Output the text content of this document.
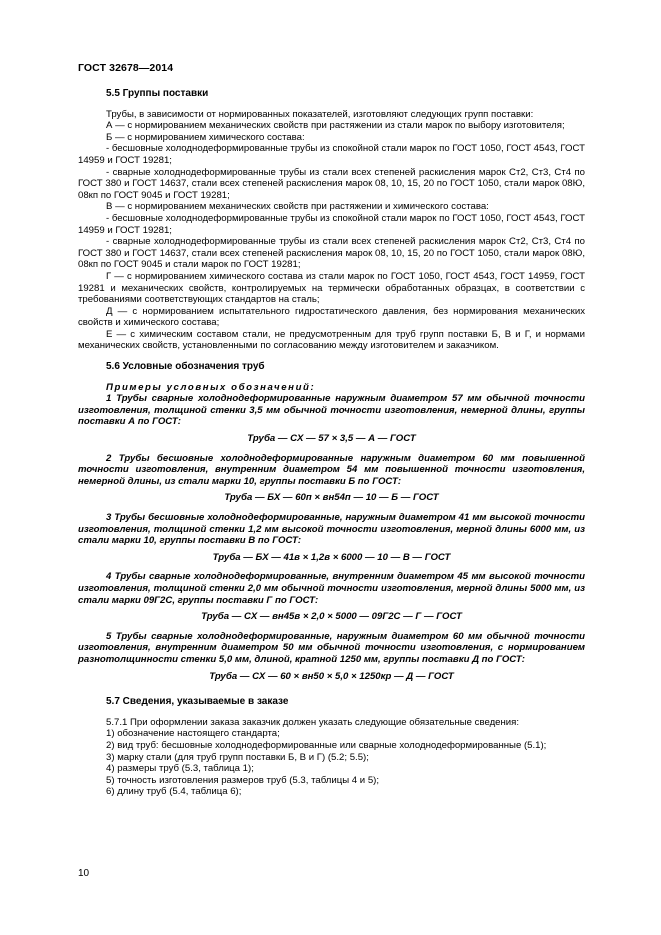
ГОСТ 32678—2014
5.5 Группы поставки

Трубы, в зависимости от нормированных показателей, изготовляют следующих групп поставки:

А — с нормированием механических свойств при растяжении из стали марок по выбору изготовителя;

Б — с нормированием химического состава:

- бесшовные холоднодеформированные трубы из спокойной стали марок по ГОСТ 1050, ГОСТ 4543, ГОСТ 14959 и ГОСТ 19281;

- сварные холоднодеформированные трубы из стали всех степеней раскисления марок Ст2, Ст3, Ст4 по ГОСТ 380 и ГОСТ 14637, стали всех степеней раскисления марок 08, 10, 15, 20 по ГОСТ 1050, стали марок 08Ю, 08кп по ГОСТ 9045 и ГОСТ 19281;

В — с нормированием механических свойств при растяжении и химического состава:

- бесшовные холоднодеформированные трубы из спокойной стали марок по ГОСТ 1050, ГОСТ 4543, ГОСТ 14959 и ГОСТ 19281;

- сварные холоднодеформированные трубы из стали всех степеней раскисления марок Ст2, Ст3, Ст4 по ГОСТ 380 и ГОСТ 14637, стали всех степеней раскисления марок 08, 10, 15, 20 по ГОСТ 1050, стали марок 08Ю, 08кп по ГОСТ 9045 и стали марок по ГОСТ 19281;

Г — с нормированием химического состава из стали марок по ГОСТ 1050, ГОСТ 4543, ГОСТ 14959, ГОСТ 19281 и механических свойств, контролируемых на термически обработанных образцах, в соответствии с требованиями соответствующих стандартов на сталь;

Д — с нормированием испытательного гидростатического давления, без нормирования механических свойств и химического состава;

Е — с химическим составом стали, не предусмотренным для труб групп поставки Б, В и Г, и нормами механических свойств, установленными по согласованию между изготовителем и заказчиком.

5.6 Условные обозначения труб

Примеры условных обозначений:

1 Трубы сварные холоднодеформированные наружным диаметром 57 мм обычной точности изготовления, толщиной стенки 3,5 мм обычной точности изготовления, немерной длины, группы поставки А по ГОСТ:

Труба — СХ — 57 × 3,5 — А — ГОСТ

2 Трубы бесшовные холоднодеформированные наружным диаметром 60 мм повышенной точности изготовления, внутренним диаметром 54 мм повышенной точности изготовления, немерной длины, из стали марки 10, группы поставки Б по ГОСТ:

Труба — БХ — 60п × вн54п — 10 — Б — ГОСТ

3 Трубы бесшовные холоднодеформированные, наружным диаметром 41 мм высокой точности изготовления, толщиной стенки 1,2 мм высокой точности изготовления, мерной длины 6000 мм, из стали марки 10, группы поставки В по ГОСТ:

Труба — БХ — 41в × 1,2в × 6000 — 10 — В — ГОСТ

4 Трубы сварные холоднодеформированные, внутренним диаметром 45 мм высокой точности изготовления, толщиной стенки 2,0 мм обычной точности изготовления, мерной длины 5000 мм, из стали марки 09Г2С, группы поставки Г по ГОСТ:

Труба — СХ — вн45в × 2,0 × 5000 — 09Г2С — Г — ГОСТ

5 Трубы сварные холоднодеформированные, наружным диаметром 60 мм обычной точности изготовления, внутренним диаметром 50 мм обычной точности изготовления, с нормированием разнотолщинности стенки 5,0 мм, длиной, кратной 1250 мм, группы поставки Д по ГОСТ:

Труба — СХ — 60 × вн50 × 5,0 × 1250кр — Д — ГОСТ

5.7 Сведения, указываемые в заказе

5.7.1 При оформлении заказа заказчик должен указать следующие обязательные сведения:

1) обозначение настоящего стандарта;

2) вид труб: бесшовные холоднодеформированные или сварные холоднодеформированные (5.1);

3) марку стали (для труб групп поставки Б, В и Г) (5.2; 5.5);

4) размеры труб (5.3, таблица 1);

5) точность изготовления размеров труб (5.3, таблицы 4 и 5);

6) длину труб (5.4, таблица 6);

10
